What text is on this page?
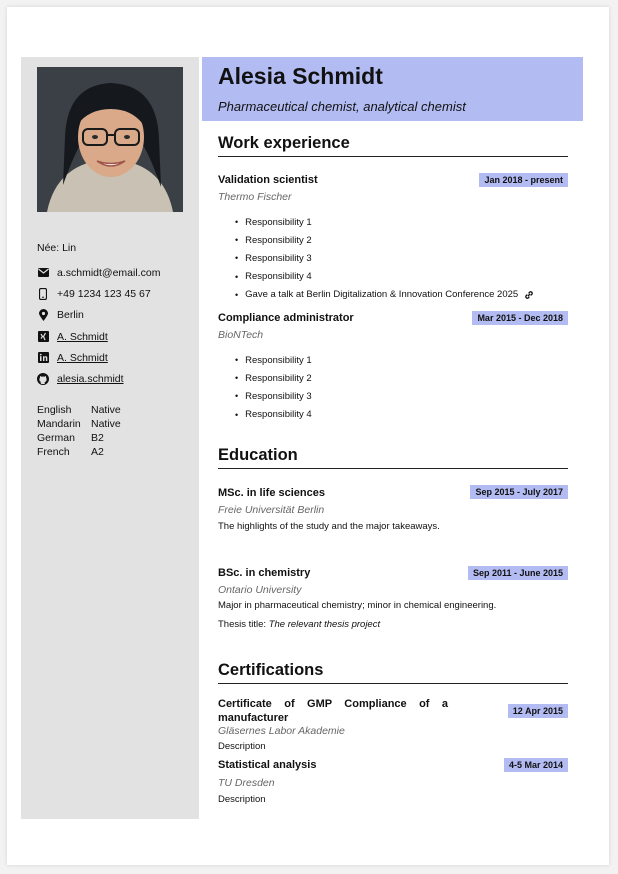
Née: Lin
a.schmidt@email.com
+49 1234 123 45 67
Berlin
A. Schmidt
A. Schmidt
alesia.schmidt
English	Native
Mandarin Native
German	B2
French	A2
Alesia Schmidt
Pharmaceutical chemist, analytical chemist
Work experience
Validation scientist	Jan 2018 - present
Thermo Fischer
• Responsibility 1
• Responsibility 2
• Responsibility 3
• Responsibility 4
• Gave a talk at Berlin Digitalization & Innovation Conference 2025
Compliance administrator	Mar 2015 - Dec 2018
BioNTech
• Responsibility 1
• Responsibility 2
• Responsibility 3
• Responsibility 4
Education
MSc. in life sciences	Sep 2015 - July 2017
Freie Universität Berlin
The highlights of the study and the major takeaways.
BSc. in chemistry	Sep 2011 - June 2015
Ontario University
Major in pharmaceutical chemistry; minor in chemical engineering.
Thesis title: The relevant thesis project
Certifications
Certificate of GMP Compliance of a manufacturer
12 Apr 2015
Gläsernes Labor Akademie
Description
Statistical analysis	4-5 Mar 2014
TU Dresden
Description
